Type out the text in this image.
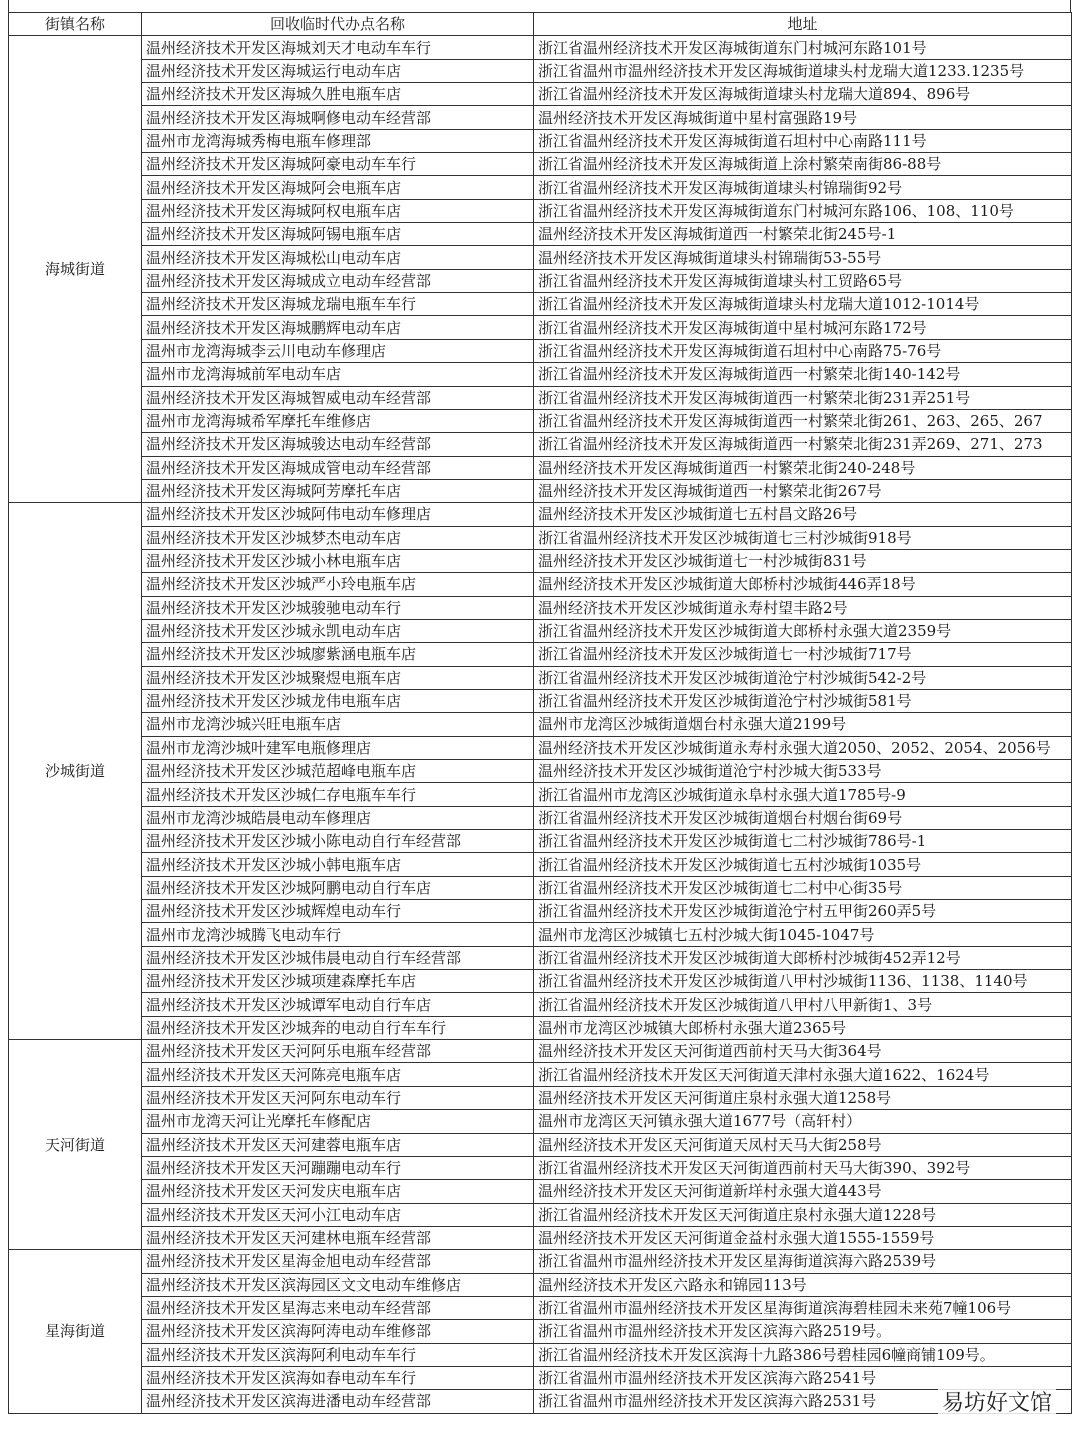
街镇名称	回收临时代办点名称	地址
海城街道	温州经济技术开发区海城刘天才电动车车行	浙江省温州经济技术开发区海城街道东门村城河东路101号
	温州经济技术开发区海城运行电动车店	浙江省温州市温州经济技术开发区海城街道埭头村龙瑞大道1233.1235号
	温州经济技术开发区海城久胜电瓶车店	浙江省温州经济技术开发区海城街道埭头村龙瑞大道894、896号
	温州经济技术开发区海城啊修电动车经营部	温州经济技术开发区海城街道中星村富强路19号
	温州市龙湾海城秀梅电瓶车修理部	浙江省温州经济技术开发区海城街道石坦村中心南路111号
	温州经济技术开发区海城阿豪电动车车行	浙江省温州经济技术开发区海城街道上涂村繁荣南街86-88号
	温州经济技术开发区海城阿会电瓶车店	浙江省温州经济技术开发区海城街道埭头村锦瑞街92号
	温州经济技术开发区海城阿权电瓶车店	浙江省温州经济技术开发区海城街道东门村城河东路106、108、110号
	温州经济技术开发区海城阿锡电瓶车店	温州经济技术开发区海城街道西一村繁荣北街245号-1
	温州经济技术开发区海城松山电动车店	温州经济技术开发区海城街道埭头村锦瑞街53-55号
	温州经济技术开发区海城成立电动车经营部	浙江省温州经济技术开发区海城街道埭头村工贸路65号
	温州经济技术开发区海城龙瑞电瓶车车行	浙江省温州经济技术开发区海城街道埭头村龙瑞大道1012-1014号
	温州经济技术开发区海城鹏辉电动车店	浙江省温州经济技术开发区海城街道中星村城河东路172号
	温州市龙湾海城李云川电动车修理店	浙江省温州经济技术开发区海城街道石坦村中心南路75-76号
	温州市龙湾海城前军电动车店	浙江省温州经济技术开发区海城街道西一村繁荣北街140-142号
	温州经济技术开发区海城智威电动车经营部	浙江省温州经济技术开发区海城街道西一村繁荣北街231弄251号
	温州市龙湾海城希军摩托车维修店	浙江省温州经济技术开发区海城街道西一村繁荣北街261、263、265、267
	温州经济技术开发区海城骏达电动车经营部	浙江省温州经济技术开发区海城街道西一村繁荣北街231弄269、271、273
	温州经济技术开发区海城成管电动车经营部	温州经济技术开发区海城街道西一村繁荣北街240-248号
	温州经济技术开发区海城阿芳摩托车店	温州经济技术开发区海城街道西一村繁荣北街267号
沙城街道	温州经济技术开发区沙城阿伟电动车修理店	温州经济技术开发区沙城街道七五村昌文路26号
	温州经济技术开发区沙城梦杰电动车店	浙江省温州经济技术开发区沙城街道七三村沙城街918号
	温州经济技术开发区沙城小林电瓶车店	温州经济技术开发区沙城街道七一村沙城街831号
	温州经济技术开发区沙城严小玲电瓶车店	温州经济技术开发区沙城街道大郎桥村沙城街446弄18号
	温州经济技术开发区沙城骏驰电动车行	温州经济技术开发区沙城街道永寿村望丰路2号
	温州经济技术开发区沙城永凯电动车店	浙江省温州经济技术开发区沙城街道大郎桥村永强大道2359号
	温州经济技术开发区沙城廖紫涵电瓶车店	浙江省温州经济技术开发区沙城街道七一村沙城街717号
	温州经济技术开发区沙城聚煜电瓶车店	浙江省温州经济技术开发区沙城街道沧宁村沙城街542-2号
	温州经济技术开发区沙城龙伟电瓶车店	浙江省温州经济技术开发区沙城街道沧宁村沙城街581号
	温州市龙湾沙城兴旺电瓶车店	温州市龙湾区沙城街道烟台村永强大道2199号
	温州市龙湾沙城叶建军电瓶修理店	温州经济技术开发区沙城街道永寿村永强大道2050、2052、2054、2056号
	温州经济技术开发区沙城范超峰电瓶车店	温州经济技术开发区沙城街道沧宁村沙城大街533号
	温州经济技术开发区沙城仁存电瓶车车行	浙江省温州市龙湾区沙城街道永阜村永强大道1785号-9
	温州市龙湾沙城皓晨电动车修理店	浙江省温州经济技术开发区沙城街道烟台村烟台街69号
	温州经济技术开发区沙城小陈电动自行车经营部	浙江省温州经济技术开发区沙城街道七二村沙城街786号-1
	温州经济技术开发区沙城小韩电瓶车店	浙江省温州经济技术开发区沙城街道七五村沙城街1035号
	温州经济技术开发区沙城阿鹏电动自行车店	浙江省温州经济技术开发区沙城街道七二村中心街35号
	温州经济技术开发区沙城辉煌电动车行	浙江省温州经济技术开发区沙城街道沧宁村五甲街260弄5号
	温州市龙湾沙城腾飞电动车行	温州市龙湾区沙城镇七五村沙城大街1045-1047号
	温州经济技术开发区沙城伟晨电动自行车经营部	浙江省温州经济技术开发区沙城街道大郎桥村沙城街452弄12号
	温州经济技术开发区沙城项建森摩托车店	浙江省温州经济技术开发区沙城街道八甲村沙城街1136、1138、1140号
	温州经济技术开发区沙城谭军电动自行车店	浙江省温州经济技术开发区沙城街道八甲村八甲新街1、3号
	温州经济技术开发区沙城奔的电动自行车车行	温州市龙湾区沙城镇大郎桥村永强大道2365号
天河街道	温州经济技术开发区天河阿乐电瓶车经营部	温州经济技术开发区天河街道西前村天马大街364号
	温州经济技术开发区天河陈亮电瓶车店	浙江省温州经济技术开发区天河街道天津村永强大道1622、1624号
	温州经济技术开发区天河阿东电动车行	温州经济技术开发区天河街道庄泉村永强大道1258号
	温州市龙湾天河让光摩托车修配店	温州市龙湾区天河镇永强大道1677号（高轩村）
	温州经济技术开发区天河建蓉电瓶车店	温州经济技术开发区天河街道天凤村天马大街258号
	温州经济技术开发区天河蹦蹦电动车行	浙江省温州经济技术开发区天河街道西前村天马大街390、392号
	温州经济技术开发区天河发庆电瓶车店	温州经济技术开发区天河街道新垟村永强大道443号
	温州经济技术开发区天河小江电动车店	浙江省温州经济技术开发区天河街道庄泉村永强大道1228号
	温州经济技术开发区天河建林电瓶车经营部	温州经济技术开发区天河街道金益村永强大道1555-1559号
星海街道	温州经济技术开发区星海金旭电动车经营部	浙江省温州市温州经济技术开发区星海街道滨海六路2539号
	温州经济技术开发区滨海园区文文电动车维修店	温州经济技术开发区六路永和锦园113号
	温州经济技术开发区星海志来电动车经营部	浙江省温州市温州经济技术开发区星海街道滨海碧桂园未来苑7幢106号
	温州经济技术开发区滨海阿涛电动车维修部	浙江省温州市温州经济技术开发区滨海六路2519号。
	温州经济技术开发区滨海阿利电动车车行	浙江省温州经济技术开发区滨海十九路386号碧桂园6幢商铺109号。
	温州经济技术开发区滨海如春电动车车行	浙江省温州市温州经济技术开发区滨海六路2541号
	温州经济技术开发区滨海进潘电动车经营部	浙江省温州市温州经济技术开发区滨海六路2531号	易坊好文馆
